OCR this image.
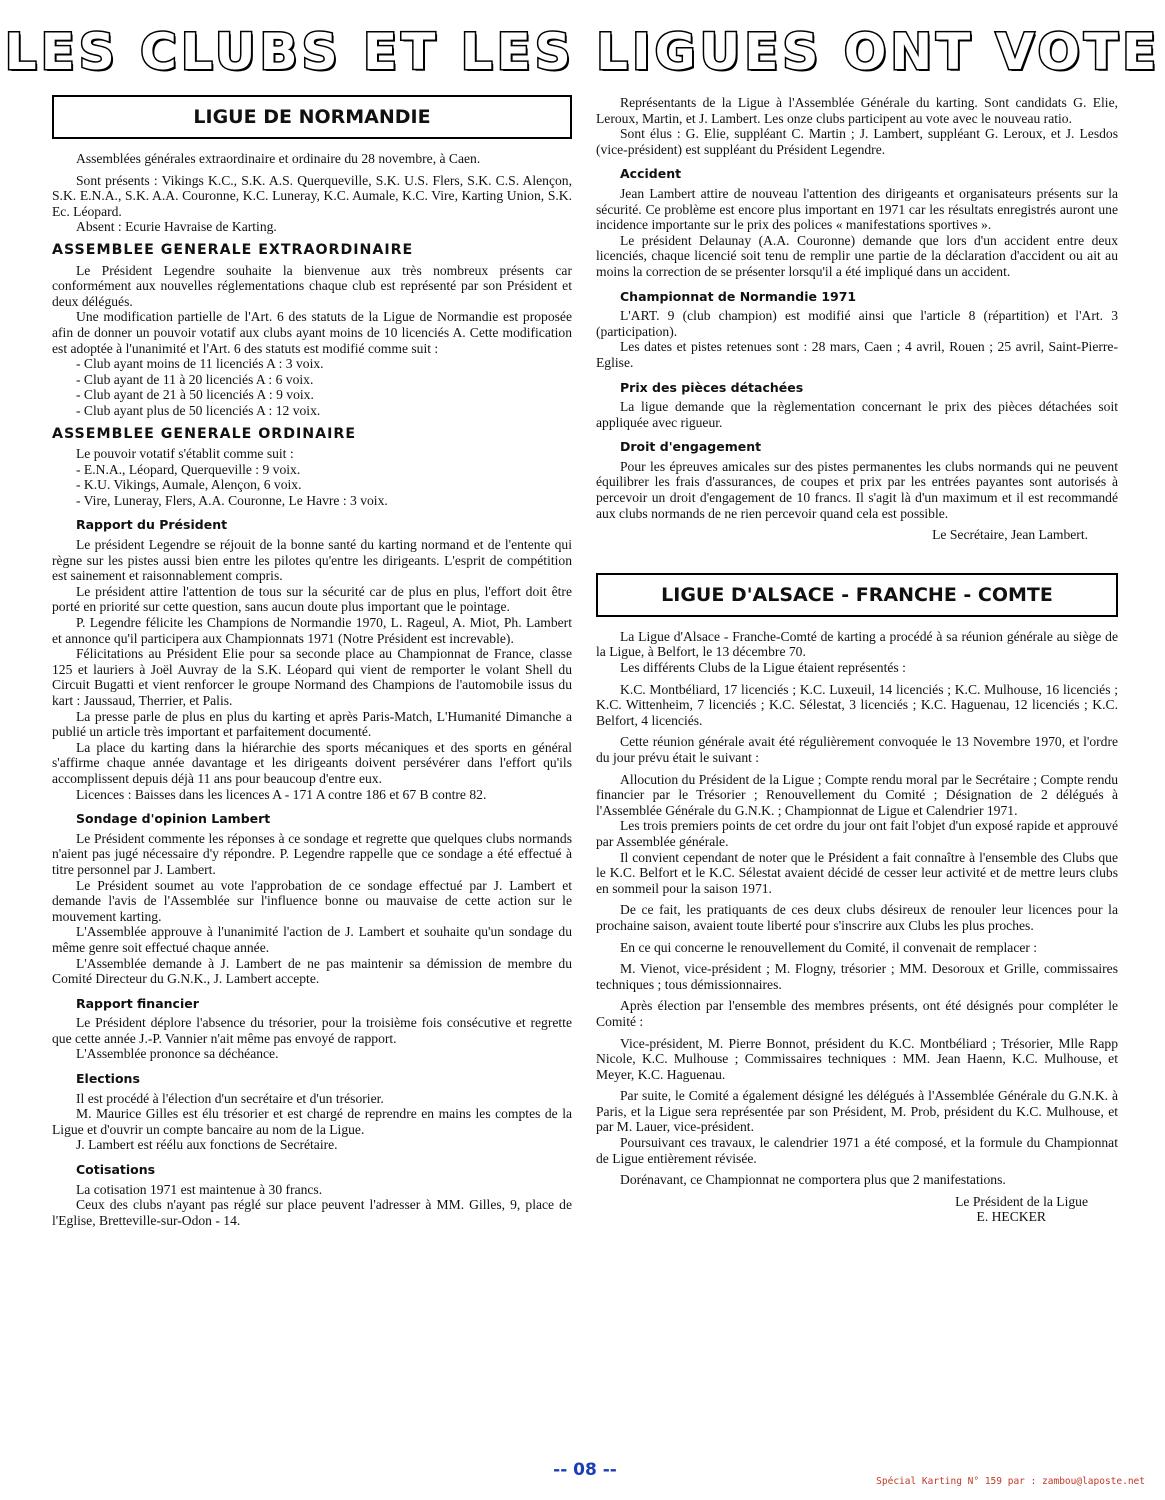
LES CLUBS ET LES LIGUES ONT VOTE
LIGUE DE NORMANDIE

Assemblées générales extraordinaire et ordinaire du 28 novembre, à Caen.

Sont présents : Vikings K.C., S.K. A.S. Querqueville, S.K. U.S. Flers, S.K. C.S. Alençon, S.K. E.N.A., S.K. A.A. Couronne, K.C. Luneray, K.C. Aumale, K.C. Vire, Karting Union, S.K. Ec. Léopard.

Absent : Ecurie Havraise de Karting.

ASSEMBLEE GENERALE EXTRAORDINAIRE

Le Président Legendre souhaite la bienvenue aux très nombreux présents car conformément aux nouvelles réglementations chaque club est représenté par son Président et deux délégués.

Une modification partielle de l'Art. 6 des statuts de la Ligue de Normandie est proposée afin de donner un pouvoir votatif aux clubs ayant moins de 10 licenciés A. Cette modification est adoptée à l'unanimité et l'Art. 6 des statuts est modifié comme suit :

- Club ayant moins de 11 licenciés A : 3 voix.

- Club ayant de 11 à 20 licenciés A : 6 voix.

- Club ayant de 21 à 50 licenciés A : 9 voix.

- Club ayant plus de 50 licenciés A : 12 voix.

ASSEMBLEE GENERALE ORDINAIRE

Le pouvoir votatif s'établit comme suit :

- E.N.A., Léopard, Querqueville : 9 voix.

- K.U. Vikings, Aumale, Alençon, 6 voix.

- Vire, Luneray, Flers, A.A. Couronne, Le Havre : 3 voix.

Rapport du Président

Le président Legendre se réjouit de la bonne santé du karting normand et de l'entente qui règne sur les pistes aussi bien entre les pilotes qu'entre les dirigeants. L'esprit de compétition est sainement et raisonnablement compris.

Le président attire l'attention de tous sur la sécurité car de plus en plus, l'effort doit être porté en priorité sur cette question, sans aucun doute plus important que le pointage.

P. Legendre félicite les Champions de Normandie 1970, L. Rageul, A. Miot, Ph. Lambert et annonce qu'il participera aux Championnats 1971 (Notre Président est increvable).

Félicitations au Président Elie pour sa seconde place au Championnat de France, classe 125 et lauriers à Joël Auvray de la S.K. Léopard qui vient de remporter le volant Shell du Circuit Bugatti et vient renforcer le groupe Normand des Champions de l'automobile issus du kart : Jaussaud, Therrier, et Palis.

La presse parle de plus en plus du karting et après Paris-Match, L'Humanité Dimanche a publié un article très important et parfaitement documenté.

La place du karting dans la hiérarchie des sports mécaniques et des sports en général s'affirme chaque année davantage et les dirigeants doivent persévérer dans l'effort qu'ils accomplissent depuis déjà 11 ans pour beaucoup d'entre eux.

Licences : Baisses dans les licences A - 171 A contre 186 et 67 B contre 82.

Sondage d'opinion Lambert

Le Président commente les réponses à ce sondage et regrette que quelques clubs normands n'aient pas jugé nécessaire d'y répondre. P. Legendre rappelle que ce sondage a été effectué à titre personnel par J. Lambert.

Le Président soumet au vote l'approbation de ce sondage effectué par J. Lambert et demande l'avis de l'Assemblée sur l'influence bonne ou mauvaise de cette action sur le mouvement karting.

L'Assemblée approuve à l'unanimité l'action de J. Lambert et souhaite qu'un sondage du même genre soit effectué chaque année.

L'Assemblée demande à J. Lambert de ne pas maintenir sa démission de membre du Comité Directeur du G.N.K., J. Lambert accepte.

Rapport financier

Le Président déplore l'absence du trésorier, pour la troisième fois consécutive et regrette que cette année J.-P. Vannier n'ait même pas envoyé de rapport.

L'Assemblée prononce sa déchéance.

Elections

Il est procédé à l'élection d'un secrétaire et d'un trésorier.

M. Maurice Gilles est élu trésorier et est chargé de reprendre en mains les comptes de la Ligue et d'ouvrir un compte bancaire au nom de la Ligue.

J. Lambert est réélu aux fonctions de Secrétaire.

Cotisations

La cotisation 1971 est maintenue à 30 francs.

Ceux des clubs n'ayant pas réglé sur place peuvent l'adresser à MM. Gilles, 9, place de l'Eglise, Bretteville-sur-Odon - 14.

Représentants de la Ligue à l'Assemblée Générale du karting. Sont candidats G. Elie, Leroux, Martin, et J. Lambert. Les onze clubs participent au vote avec le nouveau ratio.

Sont élus : G. Elie, suppléant C. Martin ; J. Lambert, suppléant G. Leroux, et J. Lesdos (vice-président) est suppléant du Président Legendre.

Accident

Jean Lambert attire de nouveau l'attention des dirigeants et organisateurs présents sur la sécurité. Ce problème est encore plus important en 1971 car les résultats enregistrés auront une incidence importante sur le prix des polices « manifestations sportives ».

Le président Delaunay (A.A. Couronne) demande que lors d'un accident entre deux licenciés, chaque licencié soit tenu de remplir une partie de la déclaration d'accident ou ait au moins la correction de se présenter lorsqu'il a été impliqué dans un accident.

Championnat de Normandie 1971

L'ART. 9 (club champion) est modifié ainsi que l'article 8 (répartition) et l'Art. 3 (participation).

Les dates et pistes retenues sont : 28 mars, Caen ; 4 avril, Rouen ; 25 avril, Saint-Pierre-Eglise.

Prix des pièces détachées

La ligue demande que la règlementation concernant le prix des pièces détachées soit appliquée avec rigueur.

Droit d'engagement

Pour les épreuves amicales sur des pistes permanentes les clubs normands qui ne peuvent équilibrer les frais d'assurances, de coupes et prix par les entrées payantes sont autorisés à percevoir un droit d'engagement de 10 francs. Il s'agit là d'un maximum et il est recommandé aux clubs normands de ne rien percevoir quand cela est possible.

Le Secrétaire, Jean Lambert.

LIGUE D'ALSACE - FRANCHE - COMTE

La Ligue d'Alsace - Franche-Comté de karting a procédé à sa réunion générale au siège de la Ligue, à Belfort, le 13 décembre 70.

Les différents Clubs de la Ligue étaient représentés :

K.C. Montbéliard, 17 licenciés ; K.C. Luxeuil, 14 licenciés ; K.C. Mulhouse, 16 licenciés ; K.C. Wittenheim, 7 licenciés ; K.C. Sélestat, 3 licenciés ; K.C. Haguenau, 12 licenciés ; K.C. Belfort, 4 licenciés.

Cette réunion générale avait été régulièrement convoquée le 13 Novembre 1970, et l'ordre du jour prévu était le suivant :

Allocution du Président de la Ligue ; Compte rendu moral par le Secrétaire ; Compte rendu financier par le Trésorier ; Renouvellement du Comité ; Désignation de 2 délégués à l'Assemblée Générale du G.N.K. ; Championnat de Ligue et Calendrier 1971.

Les trois premiers points de cet ordre du jour ont fait l'objet d'un exposé rapide et approuvé par Assemblée générale.

Il convient cependant de noter que le Président a fait connaître à l'ensemble des Clubs que le K.C. Belfort et le K.C. Sélestat avaient décidé de cesser leur activité et de mettre leurs clubs en sommeil pour la saison 1971.

De ce fait, les pratiquants de ces deux clubs désireux de renouler leur licences pour la prochaine saison, avaient toute liberté pour s'inscrire aux Clubs les plus proches.

En ce qui concerne le renouvellement du Comité, il convenait de remplacer :

M. Vienot, vice-président ; M. Flogny, trésorier ; MM. Desoroux et Grille, commissaires techniques ; tous démissionnaires.

Après élection par l'ensemble des membres présents, ont été désignés pour compléter le Comité :

Vice-président, M. Pierre Bonnot, président du K.C. Montbéliard ; Trésorier, Mlle Rapp Nicole, K.C. Mulhouse ; Commissaires techniques : MM. Jean Haenn, K.C. Mulhouse, et Meyer, K.C. Haguenau.

Par suite, le Comité a également désigné les délégués à l'Assemblée Générale du G.N.K. à Paris, et la Ligue sera représentée par son Président, M. Prob, président du K.C. Mulhouse, et par M. Lauer, vice-président.

Poursuivant ces travaux, le calendrier 1971 a été composé, et la formule du Championnat de Ligue entièrement révisée.

Dorénavant, ce Championnat ne comportera plus que 2 manifestations.

Le Président de la Ligue

E. HECKER

-- 08 --
Spécial Karting N° 159 par : zambou@laposte.net
